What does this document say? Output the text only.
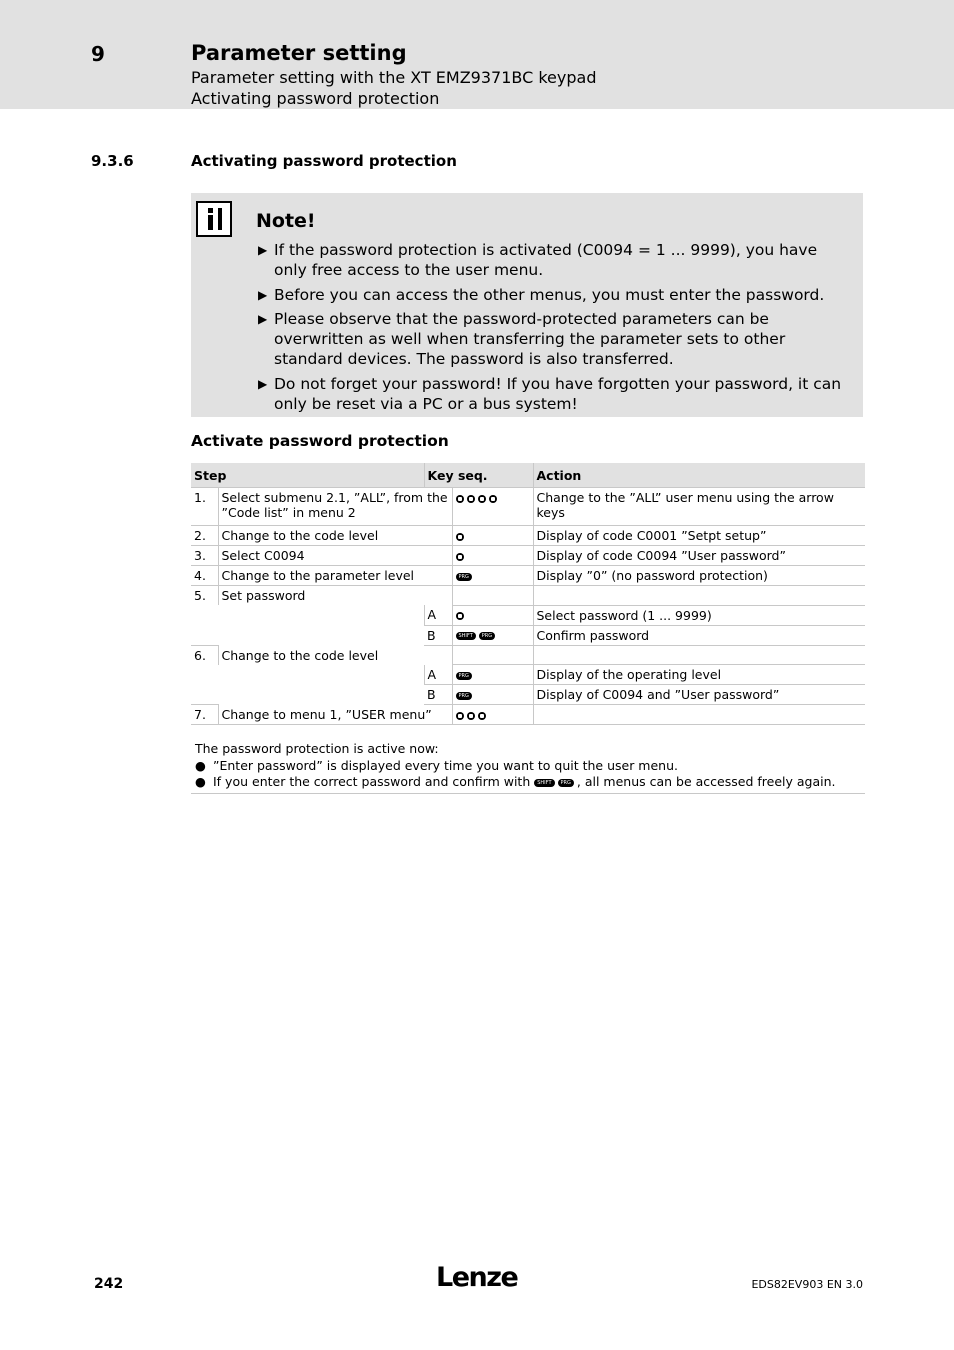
9	Parameter setting
Parameter setting with the XT EMZ9371BC keypad
Activating password protection
9.3.6	Activating password protection
Note!
▶ If the password protection is activated (C0094 = 1 ... 9999), you have only free access to the user menu.
▶ Before you can access the other menus, you must enter the password.
▶ Please observe that the password-protected parameters can be overwritten as well when transferring the parameter sets to other standard devices. The password is also transferred.
▶ Do not forget your password! If you have forgotten your password, it can only be reset via a PC or a bus system!
Activate password protection
Step		Key seq.		Action
1.	Select submenu 2.1, ”ALL”, from the ”Code list” in menu 2			Change to the ”ALL” user menu using the arrow keys
2.	Change to the code level			Display of code C0001 ”Setpt setup”
3.	Select C0094			Display of code C0094 ”User password”
4.	Change to the parameter level		PRG	Display ”0” (no password protection)
5.	Set password			
		A		Select password (1 ... 9999)
		B	SHIFT PRG	Confirm password
6.	Change to the code level			
		A	PRG	Display of the operating level
		B	PRG	Display of C0094 and ”User password”
7.	Change to menu 1, ”USER menu”			
The password protection is active now:
● ”Enter password” is displayed every time you want to quit the user menu.
● If you enter the correct password and confirm with SHIFT PRG , all menus can be accessed freely again.
242	Lenze	EDS82EV903 EN 3.0
